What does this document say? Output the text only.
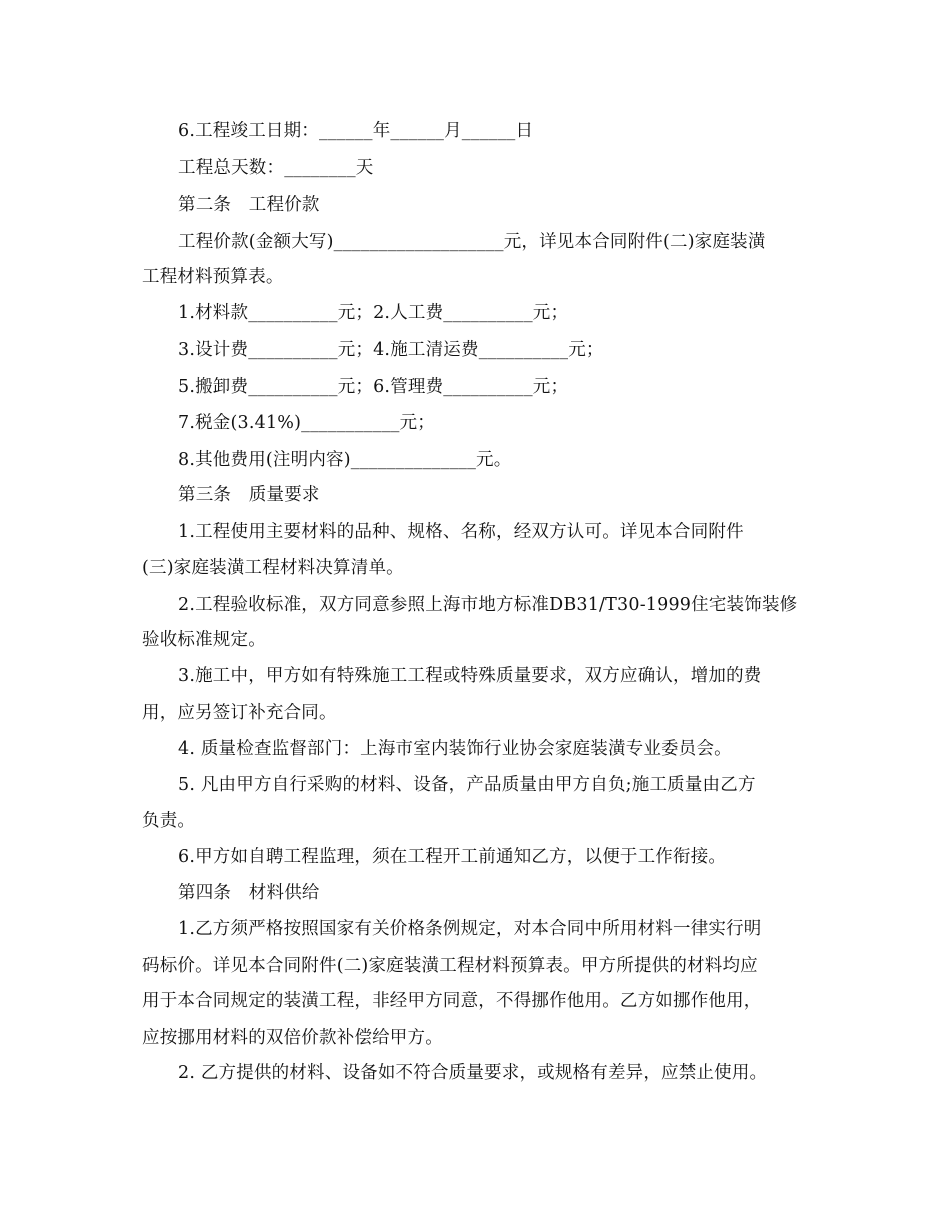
6.工程竣工日期：______年______月______日
工程总天数：________天
第二条　工程价款
工程价款(金额大写)___________________元，详见本合同附件(二)家庭装潢
工程材料预算表。
1.材料款__________元；2.人工费__________元；
3.设计费__________元；4.施工清运费__________元；
5.搬卸费__________元；6.管理费__________元；
7.税金(3.41%)___________元；
8.其他费用(注明内容)______________元。
第三条　质量要求
1.工程使用主要材料的品种、规格、名称，经双方认可。详见本合同附件
(三)家庭装潢工程材料决算清单。
2.工程验收标准，双方同意参照上海市地方标准DB31/T30-1999住宅装饰装修
验收标准规定。
3.施工中，甲方如有特殊施工工程或特殊质量要求，双方应确认，增加的费
用，应另签订补充合同。
4. 质量检查监督部门：上海市室内装饰行业协会家庭装潢专业委员会。
5. 凡由甲方自行采购的材料、设备，产品质量由甲方自负;施工质量由乙方
负责。
6.甲方如自聘工程监理，须在工程开工前通知乙方，以便于工作衔接。
第四条　材料供给
1.乙方须严格按照国家有关价格条例规定，对本合同中所用材料一律实行明
码标价。详见本合同附件(二)家庭装潢工程材料预算表。甲方所提供的材料均应
用于本合同规定的装潢工程，非经甲方同意，不得挪作他用。乙方如挪作他用，
应按挪用材料的双倍价款补偿给甲方。
2. 乙方提供的材料、设备如不符合质量要求，或规格有差异，应禁止使用。
